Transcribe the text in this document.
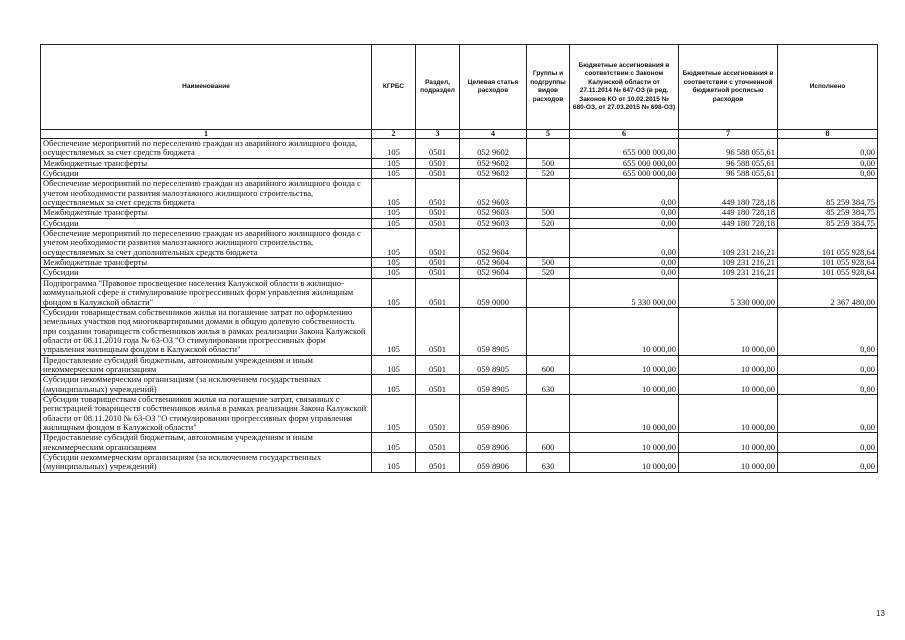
Наименование	КГРБС	Раздел, подраздел	Целевая статья расходов	Группы и подгруппы видов расходов	Бюджетные ассигнования в соответствии с Законом Калужской области от 27.11.2014 № 647-ОЗ (в ред. Законов КО от 10.02.2015 № 680-ОЗ, от 27.03.2015 № 698-ОЗ)	Бюджетные ассигнования в соответствии с уточненной бюджетной росписью расходов	Исполнено
1	2	3	4	5	6	7	8
Обеспечение мероприятий по переселению граждан из аварийного жилищного фонда, осуществляемых за счет средств бюджета	105	0501	052 9602		655 000 000,00	96 588 055,61	0,00
Межбюджетные трансферты	105	0501	052 9602	500	655 000 000,00	96 588 055,61	0,00
Субсидии	105	0501	052 9602	520	655 000 000,00	96 588 055,61	0,00
Обеспечение мероприятий по переселению граждан из аварийного жилищного фонда с учетом необходимости развития малоэтажного жилищного строительства, осуществляемых за счет средств бюджета	105	0501	052 9603		0,00	449 180 728,18	85 259 384,75
Межбюджетные трансферты	105	0501	052 9603	500	0,00	449 180 728,18	85 259 384,75
Субсидии	105	0501	052 9603	520	0,00	449 180 728,18	85 259 384,75
Обеспечение мероприятий по переселению граждан из аварийного жилищного фонда с учетом необходимости развития малоэтажного жилищного строительства, осуществляемых за счет дополнительных средств бюджета	105	0501	052 9604		0,00	109 231 216,21	101 055 928,64
Межбюджетные трансферты	105	0501	052 9604	500	0,00	109 231 216,21	101 055 928,64
Субсидии	105	0501	052 9604	520	0,00	109 231 216,21	101 055 928,64
Подпрограмма "Правовое просвещение населения Калужской области в жилищно-коммунальной сфере и стимулирование прогрессивных форм управления жилищным фондом в Калужской области"	105	0501	059 0000		5 330 000,00	5 330 000,00	2 367 480,00
Субсидии товариществам собственников жилья на погашение затрат по оформлению земельных участков под многоквартирными домами в общую долевую собственность при создании товариществ собственников жилья в рамках реализации Закона Калужской области от 08.11.2010 года № 63-ОЗ "О стимулировании прогрессивных форм управления жилищным фондом в Калужской области"	105	0501	059 8905		10 000,00	10 000,00	0,00
Предоставление субсидий бюджетным, автономным учреждениям и иным некоммерческим организациям	105	0501	059 8905	600	10 000,00	10 000,00	0,00
Субсидии некоммерческим организациям (за исключением государственных (муниципальных) учреждений)	105	0501	059 8905	630	10 000,00	10 000,00	0,00
Субсидии товариществам собственников жилья на погашение затрат, связанных с регистрацией товариществ собственников жилья в рамках реализации Закона Калужской области от 08.11.2010 № 63-ОЗ "О стимулировании прогрессивных форм управления жилищным фондом в Калужской области"	105	0501	059 8906		10 000,00	10 000,00	0,00
Предоставление субсидий бюджетным, автономным учреждениям и иным некоммерческим организациям	105	0501	059 8906	600	10 000,00	10 000,00	0,00
Субсидии некоммерческим организациям (за исключением государственных (муниципальных) учреждений)	105	0501	059 8906	630	10 000,00	10 000,00	0,00
13
